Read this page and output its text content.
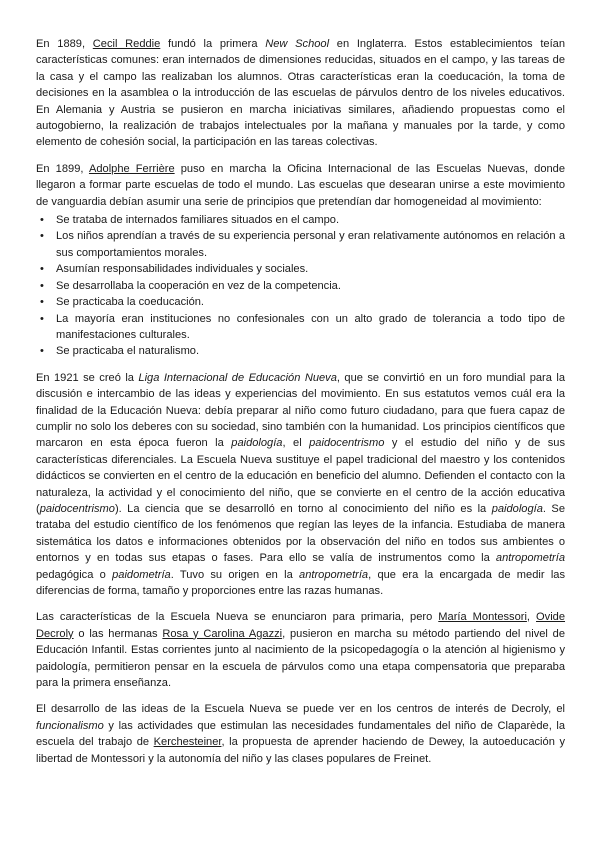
En 1889, Cecil Reddie fundó la primera New School en Inglaterra. Estos establecimientos teían características comunes: eran internados de dimensiones reducidas, situados en el campo, y las tareas de la casa y el campo las realizaban los alumnos. Otras características eran la coeducación, la toma de decisiones en la asamblea o la introducción de las escuelas de párvulos dentro de los niveles educativos. En Alemania y Austria se pusieron en marcha iniciativas similares, añadiendo propuestas como el autogobierno, la realización de trabajos intelectuales por la mañana y manuales por la tarde, y como elemento de cohesión social, la participación en las tareas colectivas.

En 1899, Adolphe Ferrière puso en marcha la Oficina Internacional de las Escuelas Nuevas, donde llegaron a formar parte escuelas de todo el mundo. Las escuelas que desearan unirse a este movimiento de vanguardia debían asumir una serie de principios que pretendían dar homogeneidad al movimiento:

• Se trataba de internados familiares situados en el campo.
• Los niños aprendían a través de su experiencia personal y eran relativamente autónomos en relación a sus comportamientos morales.
• Asumían responsabilidades individuales y sociales.
• Se desarrollaba la cooperación en vez de la competencia.
• Se practicaba la coeducación.
• La mayoría eran instituciones no confesionales con un alto grado de tolerancia a todo tipo de manifestaciones culturales.
• Se practicaba el naturalismo.

En 1921 se creó la Liga Internacional de Educación Nueva, que se convirtió en un foro mundial para la discusión e intercambio de las ideas y experiencias del movimiento. En sus estatutos vemos cuál era la finalidad de la Educación Nueva: debía preparar al niño como futuro ciudadano, para que fuera capaz de cumplir no solo los deberes con su sociedad, sino también con la humanidad. Los principios científicos que marcaron en esta época fueron la paidología, el paidocentrismo y el estudio del niño y de sus características diferenciales. La Escuela Nueva sustituye el papel tradicional del maestro y los contenidos didácticos se convierten en el centro de la educación en beneficio del alumno. Defienden el contacto con la naturaleza, la actividad y el conocimiento del niño, que se convierte en el centro de la acción educativa (paidocentrismo). La ciencia que se desarrolló en torno al conocimiento del niño es la paidología. Se trataba del estudio científico de los fenómenos que regían las leyes de la infancia. Estudiaba de manera sistemática los datos e informaciones obtenidos por la observación del niño en todos sus ambientes o entornos y en todas sus etapas o fases. Para ello se valía de instrumentos como la antropometría pedagógica o paidometría. Tuvo su origen en la antropometría, que era la encargada de medir las diferencias de forma, tamaño y proporciones entre las razas humanas.

Las características de la Escuela Nueva se enunciaron para primaria, pero María Montessori, Ovide Decroly o las hermanas Rosa y Carolina Agazzi, pusieron en marcha su método partiendo del nivel de Educación Infantil. Estas corrientes junto al nacimiento de la psicopedagogía o la atención al higienismo y paidología, permitieron pensar en la escuela de párvulos como una etapa compensatoria que preparaba para la primera enseñanza.

El desarrollo de las ideas de la Escuela Nueva se puede ver en los centros de interés de Decroly, el funcionalismo y las actividades que estimulan las necesidades fundamentales del niño de Claparède, la escuela del trabajo de Kerchesteiner, la propuesta de aprender haciendo de Dewey, la autoeducación y libertad de Montessori y la autonomía del niño y las clases populares de Freinet.
